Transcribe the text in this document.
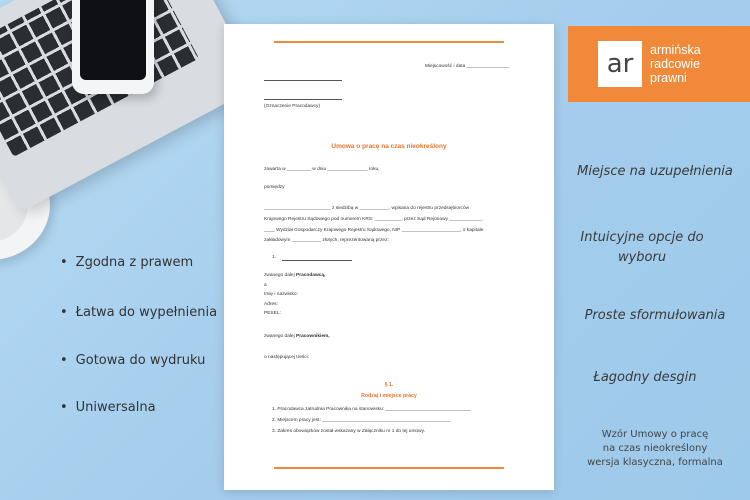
ar armińska
radcowie
prawni
• Zgodna z prawem
• Łatwa do wypełnienia
• Gotowa do wydruku
• Uniwersalna
Miejsce na uzupełnienia
Intuicyjne opcje do wyboru
Proste sformułowania
Łagodny desgin
Wzór Umowy o pracę
na czas nieokreślony
wersja klasyczna, formalna
Miejscowość i data ________________
(Oznaczenie Pracodawcy)
Umowa o pracę na czas nieokreślony
zawarta w _________ w dniu _______________ roku,
pomiędzy
_________________________ z siedzibą w ___________, wpisana do rejestru przedsiębiorców
Krajowego Rejestru Sądowego pod numerem KRS: __________, przez Sąd Rejonowy ____________,
____ Wydział Gospodarczy Krajowego Rejestru Sądowego, NIP ______________________, o kapitale
zakładowym ___________ złotych, reprezentowaną przez:
1.
zwanego dalej Pracodawcą,
a
Imię i nazwisko:
Adres:
PESEL:
zwanego dalej Pracownikiem,
o następującej treści:
§ 1.
Rodzaj i miejsce pracy
1. Pracodawca zatrudnia Pracownika na stanowisku: ________________________________
2. Miejscem pracy jest: ________________________________________________
3. Zakres obowiązków został wskazany w Załączniku nr 1 do tej umowy.
